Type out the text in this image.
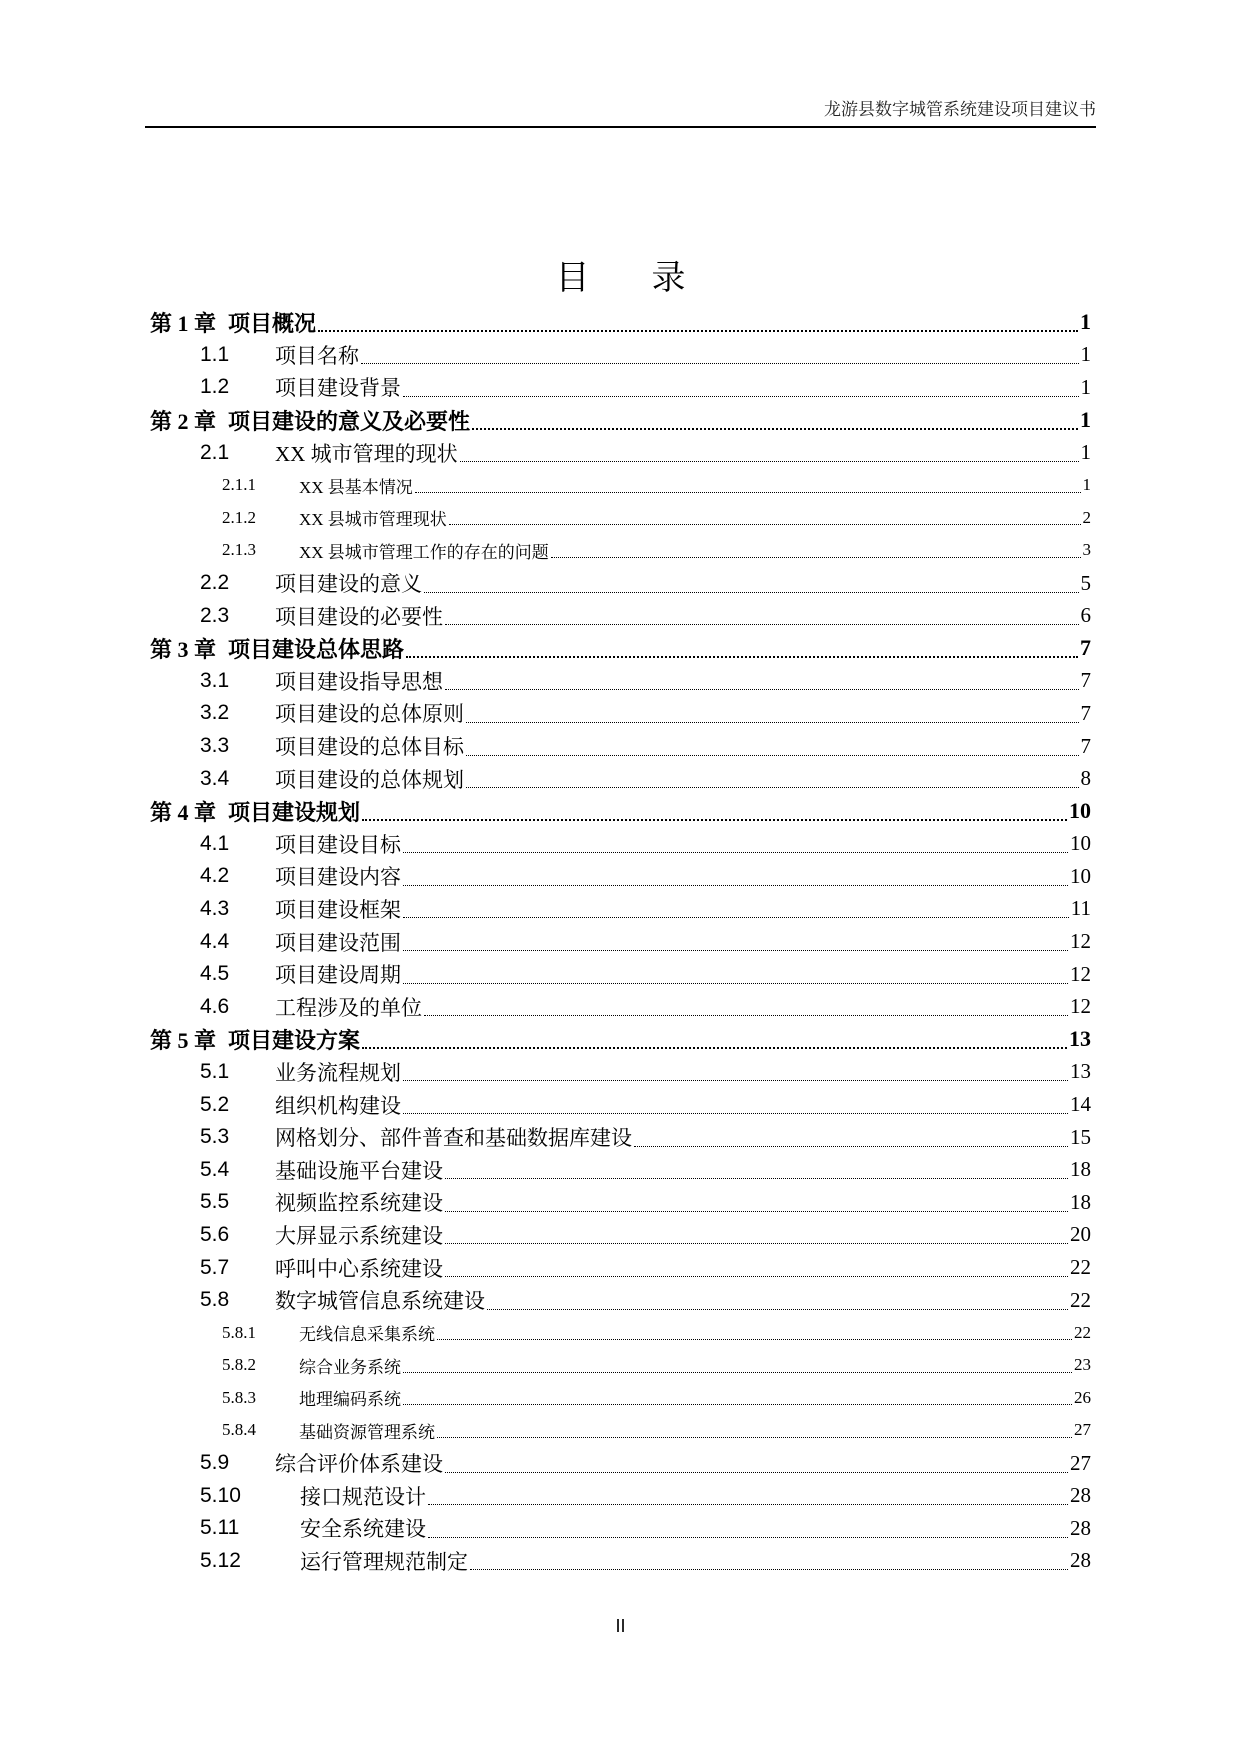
龙游县数字城管系统建设项目建议书
目录
第 1 章 项目概况	1
1.1	项目名称	1
1.2	项目建设背景	1
第 2 章 项目建设的意义及必要性	1
2.1	XX 城市管理的现状	1
2.1.1	XX 县基本情况	1
2.1.2	XX 县城市管理现状	2
2.1.3	XX 县城市管理工作的存在的问题	3
2.2	项目建设的意义	5
2.3	项目建设的必要性	6
第 3 章 项目建设总体思路	7
3.1	项目建设指导思想	7
3.2	项目建设的总体原则	7
3.3	项目建设的总体目标	7
3.4	项目建设的总体规划	8
第 4 章 项目建设规划	10
4.1	项目建设目标	10
4.2	项目建设内容	10
4.3	项目建设框架	11
4.4	项目建设范围	12
4.5	项目建设周期	12
4.6	工程涉及的单位	12
第 5 章 项目建设方案	13
5.1	业务流程规划	13
5.2	组织机构建设	14
5.3	网格划分、部件普查和基础数据库建设	15
5.4	基础设施平台建设	18
5.5	视频监控系统建设	18
5.6	大屏显示系统建设	20
5.7	呼叫中心系统建设	22
5.8	数字城管信息系统建设	22
5.8.1	无线信息采集系统	22
5.8.2	综合业务系统	23
5.8.3	地理编码系统	26
5.8.4	基础资源管理系统	27
5.9	综合评价体系建设	27
5.10	接口规范设计	28
5.11	安全系统建设	28
5.12	运行管理规范制定	28
II
